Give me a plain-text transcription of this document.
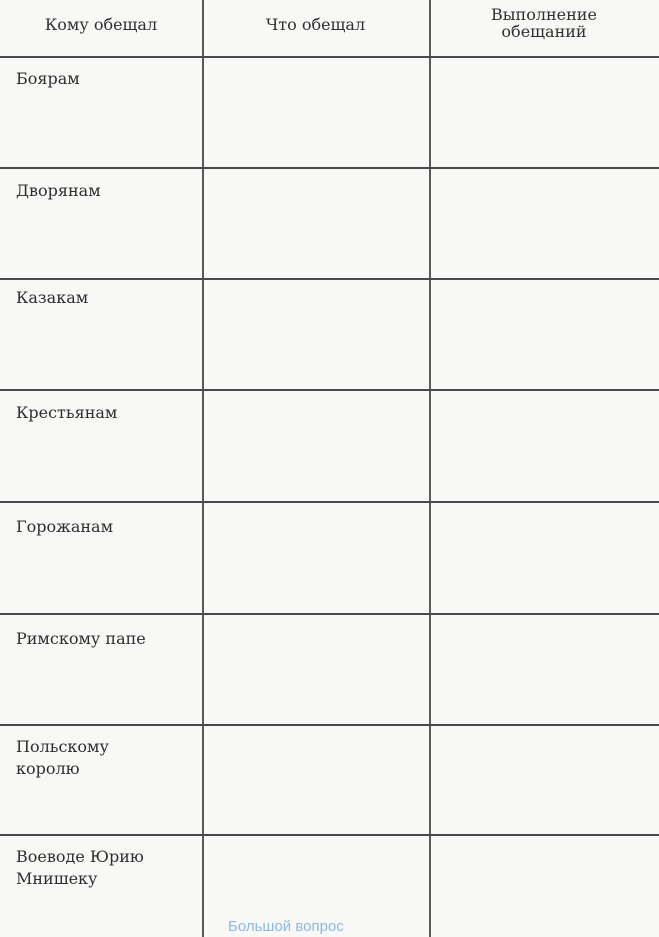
Кому обещал	Что обещал
Выполнение
обещаний
Боярам
Дворянам
Казакам
Крестьянам
Горожанам
Римскому папе
Польскому
королю
Воеводе Юрию
Мнишеку
Большой вопрос
